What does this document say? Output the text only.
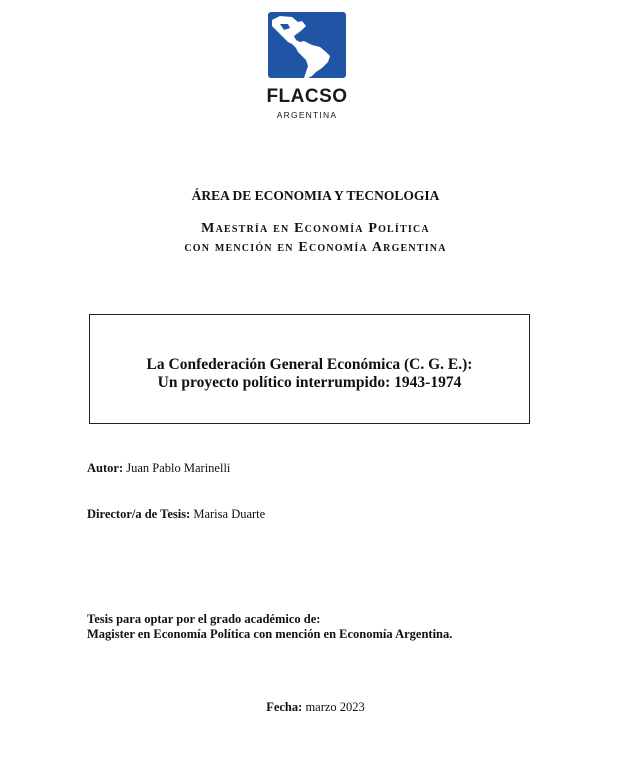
FLACSO
ARGENTINA
ÁREA DE ECONOMIA Y TECNOLOGIA
Maestría en Economía Política
con mención en Economía Argentina
La Confederación General Económica (C. G. E.):
Un proyecto político interrumpido: 1943-1974
Autor: Juan Pablo Marinelli
Director/a de Tesis: Marisa Duarte
Tesis para optar por el grado académico de:
Magister en Economía Política con mención en Economía Argentina.
Fecha: marzo 2023
